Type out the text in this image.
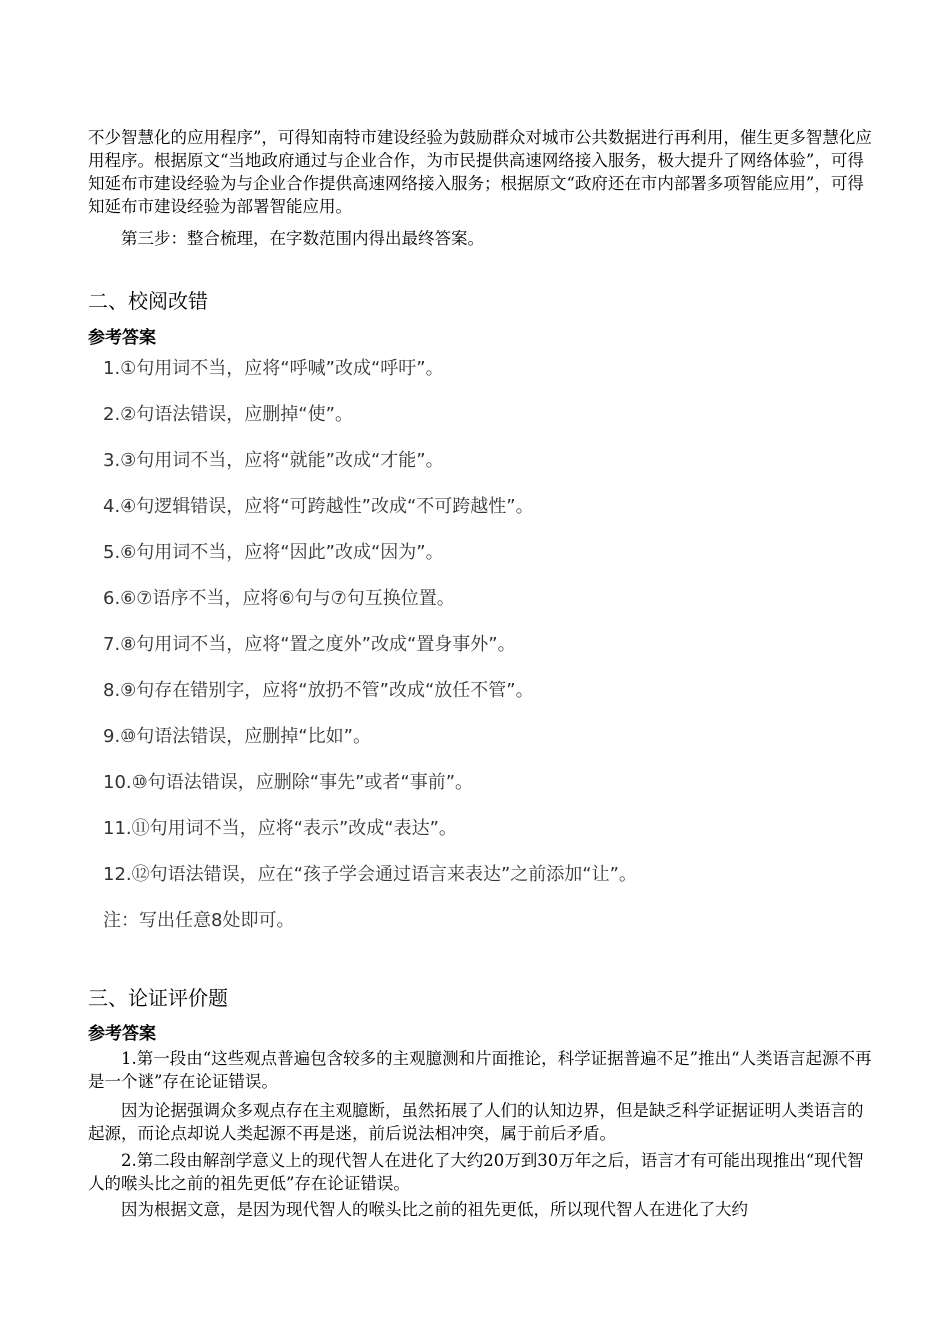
不少智慧化的应用程序”，可得知南特市建设经验为鼓励群众对城市公共数据进行再利用，催生更多智慧化应用程序。根据原文“当地政府通过与企业合作，为市民提供高速网络接入服务，极大提升了网络体验”，可得知延布市建设经验为与企业合作提供高速网络接入服务；根据原文“政府还在市内部署多项智能应用”，可得知延布市建设经验为部署智能应用。
第三步：整合梳理，在字数范围内得出最终答案。
二、校阅改错
参考答案
1.①句用词不当，应将“呼喊”改成“呼吁”。
2.②句语法错误，应删掉“使”。
3.③句用词不当，应将“就能”改成“才能”。
4.④句逻辑错误，应将“可跨越性”改成“不可跨越性”。
5.⑥句用词不当，应将“因此”改成“因为”。
6.⑥⑦语序不当，应将⑥句与⑦句互换位置。
7.⑧句用词不当，应将“置之度外”改成“置身事外”。
8.⑨句存在错别字，应将“放扔不管”改成“放任不管”。
9.⑩句语法错误，应删掉“比如”。
10.⑩句语法错误，应删除“事先”或者“事前”。
11.⑪句用词不当，应将“表示”改成“表达”。
12.⑫句语法错误，应在“孩子学会通过语言来表达”之前添加“让”。
注：写出任意8处即可。
三、论证评价题
参考答案
1.第一段由“这些观点普遍包含较多的主观臆测和片面推论，科学证据普遍不足”推出“人类语言起源不再是一个谜”存在论证错误。
因为论据强调众多观点存在主观臆断，虽然拓展了人们的认知边界，但是缺乏科学证据证明人类语言的起源，而论点却说人类起源不再是迷，前后说法相冲突，属于前后矛盾。
2.第二段由解剖学意义上的现代智人在进化了大约20万到30万年之后，语言才有可能出现推出“现代智人的喉头比之前的祖先更低”存在论证错误。
因为根据文意，是因为现代智人的喉头比之前的祖先更低，所以现代智人在进化了大约
